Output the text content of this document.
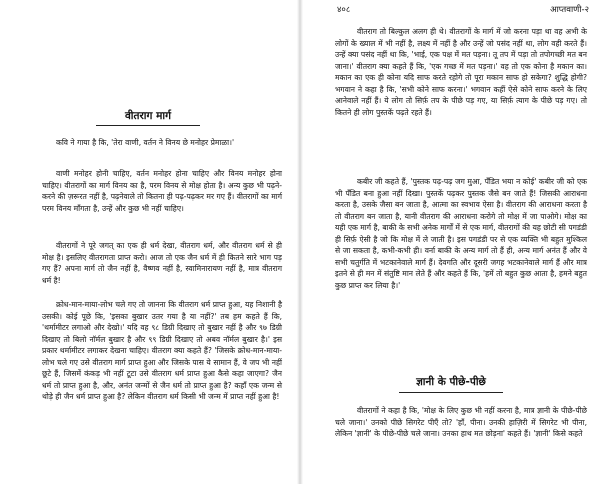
वीतराग मार्ग

कवि ने गाया है कि, 'तेरा वाणी, वर्तन ने विनय छे मनोहर प्रेमाळा।'

वाणी मनोहर होनी चाहिए, वर्तन मनोहर होना चाहिए और विनय मनोहर होना चाहिए। वीतरागों का मार्ग विनय का है, परम विनय से मोक्ष होता है। अन्य कुछ भी पढ़ने-करने की ज़रूरत नहीं है, पढ़नेवाले तो कितना ही पढ़-पढ़कर मर गए हैं। वीतरागों का मार्ग परम विनय माँगता है, उन्हें और कुछ भी नहीं चाहिए।

वीतरागों ने पूरे जगत् का एक ही धर्म देखा, वीतराग धर्म, और वीतराग धर्म से ही मोक्ष है। इसलिए वीतरागता प्राप्त करो। आज तो एक जैन धर्म में ही कितने सारे भाग पड़ गए हैं? अपना मार्ग तो जैन नहीं है, वैष्णव नहीं है, स्वामिनारायण नहीं है, मात्र वीतराग धर्म है!

क्रोध-मान-माया-लोभ चले गए तो जानना कि वीतराग धर्म प्राप्त हुआ, यह निशानी है उसकी। कोई पूछे कि, 'इसका बुखार उतर गया है या नहीं?' तब हम कहते हैं कि, 'थर्मामीटर लगाओ और देखो।' यदि वह ९८ डिग्री दिखाए तो बुखार नहीं है और ९७ डिग्री दिखाए तो बिलो नॉर्मल बुखार है और ९९ डिग्री दिखाए तो अबव नॉर्मल बुखार है।' इस प्रकार थर्मामीटर लगाकर देखना चाहिए। वीतराग क्या कहते हैं? 'जिसके क्रोध-मान-माया-लोभ चले गए उसे वीतराग मार्ग प्राप्त हुआ और जिसके पास ये सामान हैं, वे जप भी नहीं छूटे हैं, जिसमें कंकड़ भी नहीं टूटा उसे वीतराग धर्म प्राप्त हुआ कैसे कहा जाएगा? जैन धर्म तो प्राप्त हुआ है, और, अनंत जन्मों से जैन धर्म तो प्राप्त हुआ है? कहाँ एक जन्म से थोड़े ही जैन धर्म प्राप्त हुआ है? लेकिन वीतराग धर्म किसी भी जन्म में प्राप्त नहीं हुआ है!

४०८	आप्तवाणी-२

वीतराग तो बिल्कुल अलग ही थे। वीतरागों के मार्ग में जो करना पड़ा था वह अभी के लोगों के ख्याल में भी नहीं है, लक्ष्य में नहीं है और उन्हें जो पसंद नहीं था, लोग वही करते हैं। उन्हें क्या पसंद नहीं था कि, 'भाई, एक पक्ष में मत पड़ना। तू तप में पड़ा तो तपोगच्छी मत बन जाना।' वीतराग क्या कहते हैं कि, 'एक गच्छ में मत पड़ना।' वह तो एक कोना है मकान का। मकान का एक ही कोना यदि साफ करते रहोगे तो पूरा मकान साफ हो सकेगा? शुद्धि होगी? भगवान ने कहा है कि, 'सभी कोने साफ करना।' भगवान कहीं ऐसे कोने साफ करने के लिए आनेवाले नहीं हैं। ये लोग तो सिर्फ़ तप के पीछे पड़ गए, या सिर्फ़ त्याग के पीछे पड़ गए। तो कितने ही लोग पुस्तकें पढ़ते रहते हैं।

कबीर जी कहते हैं, 'पुस्तक पढ़-पढ़ जग मुआ, पँडित भया न कोई' कबीर जी को एक भी पँडित बना हुआ नहीं दिखा। पुस्तकें पढ़कर पुस्तक जैसे बन जाते हैं! जिसकी आराधना करता है, उसके जैसा बन जाता है, आत्मा का स्वभाव ऐसा है। वीतराग की आराधना करता है तो वीतराग बन जाता है, यानी वीतराग की आराधना करोगे तो मोक्ष में जा पाओगे। मोक्ष का यही एक मार्ग है, बाकी के सभी अनेक मार्गों में से एक मार्ग, वीतरागों की यह छोटी सी पगडंडी ही सिर्फ़ ऐसी है जो कि मोक्ष में ले जाती है। इस पगडंडी पर से एक व्यक्ति भी बहुत मुश्किल से जा सकता है, कभी-कभी ही। वर्ना बाकी के अन्य मार्ग तो हैं ही, अन्य मार्ग अनंत हैं और वे सभी चतुर्गति में भटकानेवाले मार्ग हैं। देवगति और दूसरी जगह भटकानेवाले मार्ग हैं और मात्र इतने से ही मन में संतुष्टि मान लेते हैं और कहते हैं कि, 'हमें तो बहुत कुछ आता है, हमने बहुत कुछ प्राप्त कर लिया है।'

ज्ञानी के पीछे-पीछे

वीतरागों ने कहा है कि, 'मोक्ष के लिए कुछ भी नहीं करना है, मात्र ज्ञानी के पीछे-पीछे चले जाना।' उनको पीछे सिगरेट पीएँ तो? 'हाँ, पीना। उनकी हाज़िरी में सिगरेट भी पीना, लेकिन 'ज्ञानी' के पीछे-पीछे चले जाना। उनका हाथ मत छोड़ना' कहते हैं। 'ज्ञानी' किसे कहते
